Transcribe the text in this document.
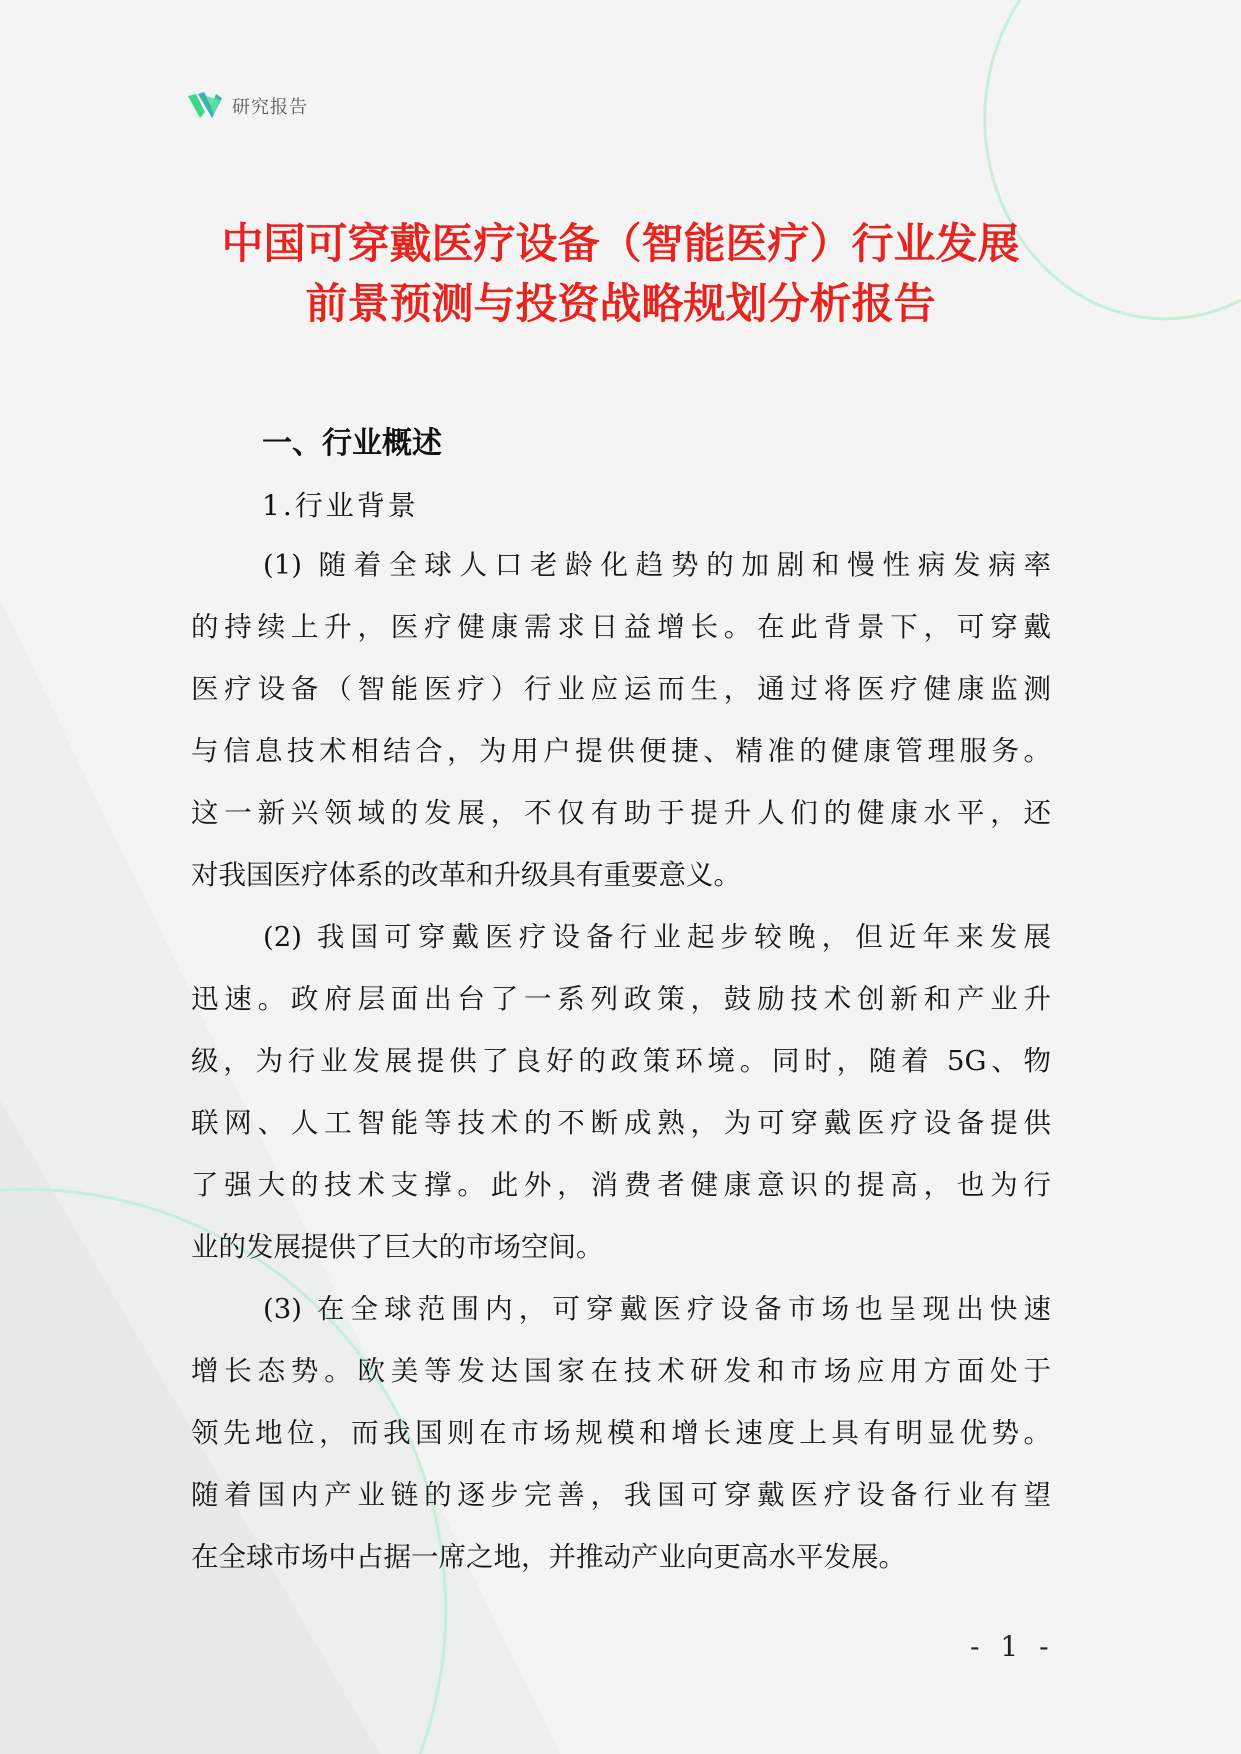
研究报告
中国可穿戴医疗设备（智能医疗）行业发展
前景预测与投资战略规划分析报告
一、行业概述
1.行业背景
(1) 随着全球人口老龄化趋势的加剧和慢性病发病率
的持续上升，医疗健康需求日益增长。在此背景下，可穿戴
医疗设备（智能医疗）行业应运而生，通过将医疗健康监测
与信息技术相结合，为用户提供便捷、精准的健康管理服务。
这一新兴领域的发展，不仅有助于提升人们的健康水平，还
对我国医疗体系的改革和升级具有重要意义。
(2) 我国可穿戴医疗设备行业起步较晚，但近年来发展
迅速。政府层面出台了一系列政策，鼓励技术创新和产业升
级，为行业发展提供了良好的政策环境。同时，随着 5G、物
联网、人工智能等技术的不断成熟，为可穿戴医疗设备提供
了强大的技术支撑。此外，消费者健康意识的提高，也为行
业的发展提供了巨大的市场空间。
(3) 在全球范围内，可穿戴医疗设备市场也呈现出快速
增长态势。欧美等发达国家在技术研发和市场应用方面处于
领先地位，而我国则在市场规模和增长速度上具有明显优势。
随着国内产业链的逐步完善，我国可穿戴医疗设备行业有望
在全球市场中占据一席之地，并推动产业向更高水平发展。
- 1 -
